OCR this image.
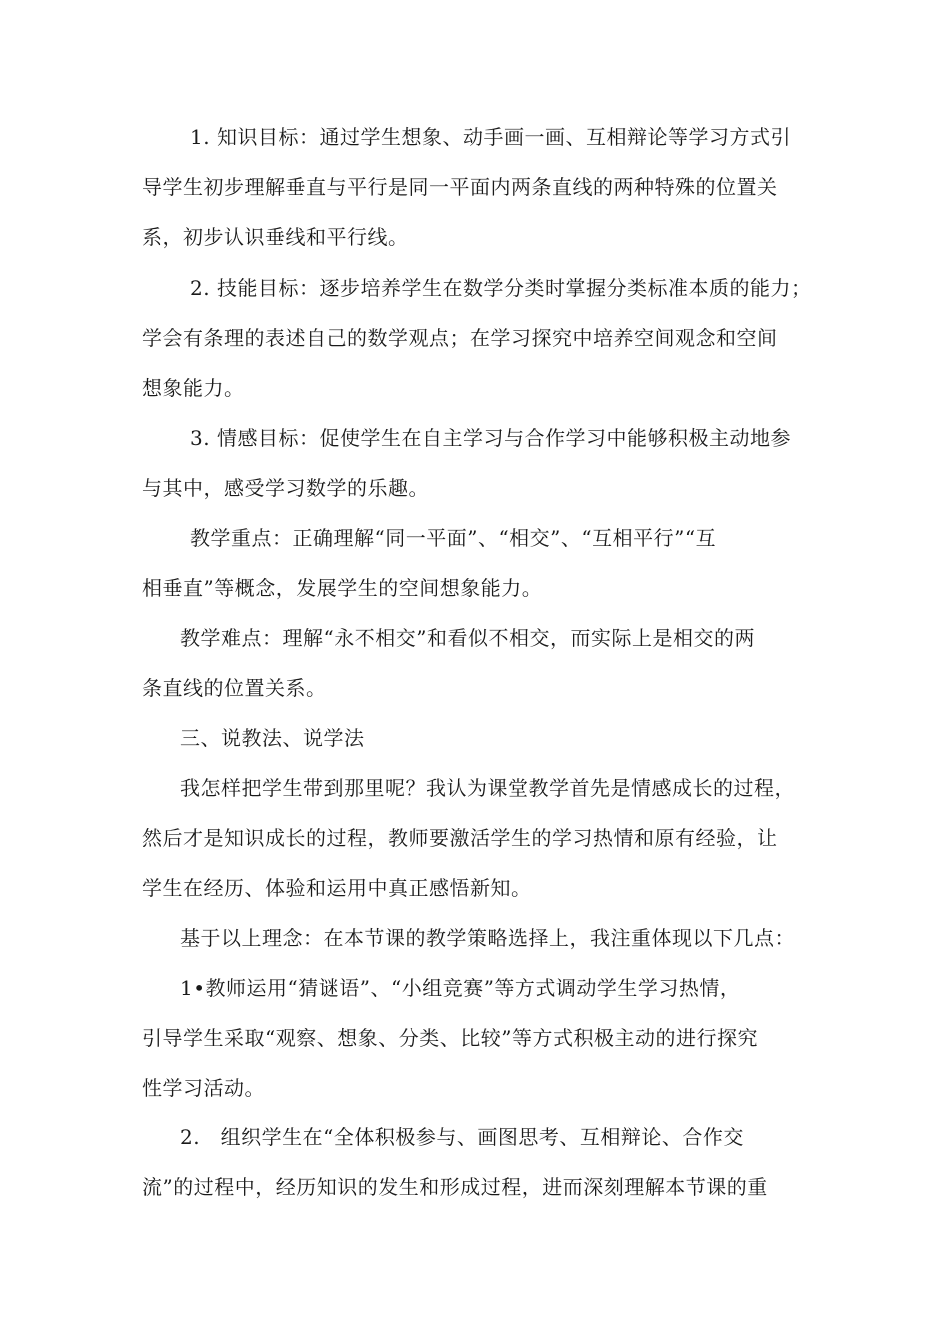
1. 知识目标：通过学生想象、动手画一画、互相辩论等学习方式引
导学生初步理解垂直与平行是同一平面内两条直线的两种特殊的位置关
系，初步认识垂线和平行线。
2. 技能目标：逐步培养学生在数学分类时掌握分类标准本质的能力；
学会有条理的表述自己的数学观点；在学习探究中培养空间观念和空间
想象能力。
3. 情感目标：促使学生在自主学习与合作学习中能够积极主动地参
与其中，感受学习数学的乐趣。
教学重点：正确理解“同一平面”、“相交”、“互相平行”“互
相垂直”等概念，发展学生的空间想象能力。
教学难点：理解“永不相交”和看似不相交，而实际上是相交的两
条直线的位置关系。
三、说教法、说学法
我怎样把学生带到那里呢？我认为课堂教学首先是情感成长的过程，
然后才是知识成长的过程，教师要激活学生的学习热情和原有经验，让
学生在经历、体验和运用中真正感悟新知。
基于以上理念：在本节课的教学策略选择上，我注重体现以下几点：
1•教师运用“猜谜语”、“小组竞赛”等方式调动学生学习热情，
引导学生采取“观察、想象、分类、比较”等方式积极主动的进行探究
性学习活动。
2.   组织学生在“全体积极参与、画图思考、互相辩论、合作交
流”的过程中，经历知识的发生和形成过程，进而深刻理解本节课的重
